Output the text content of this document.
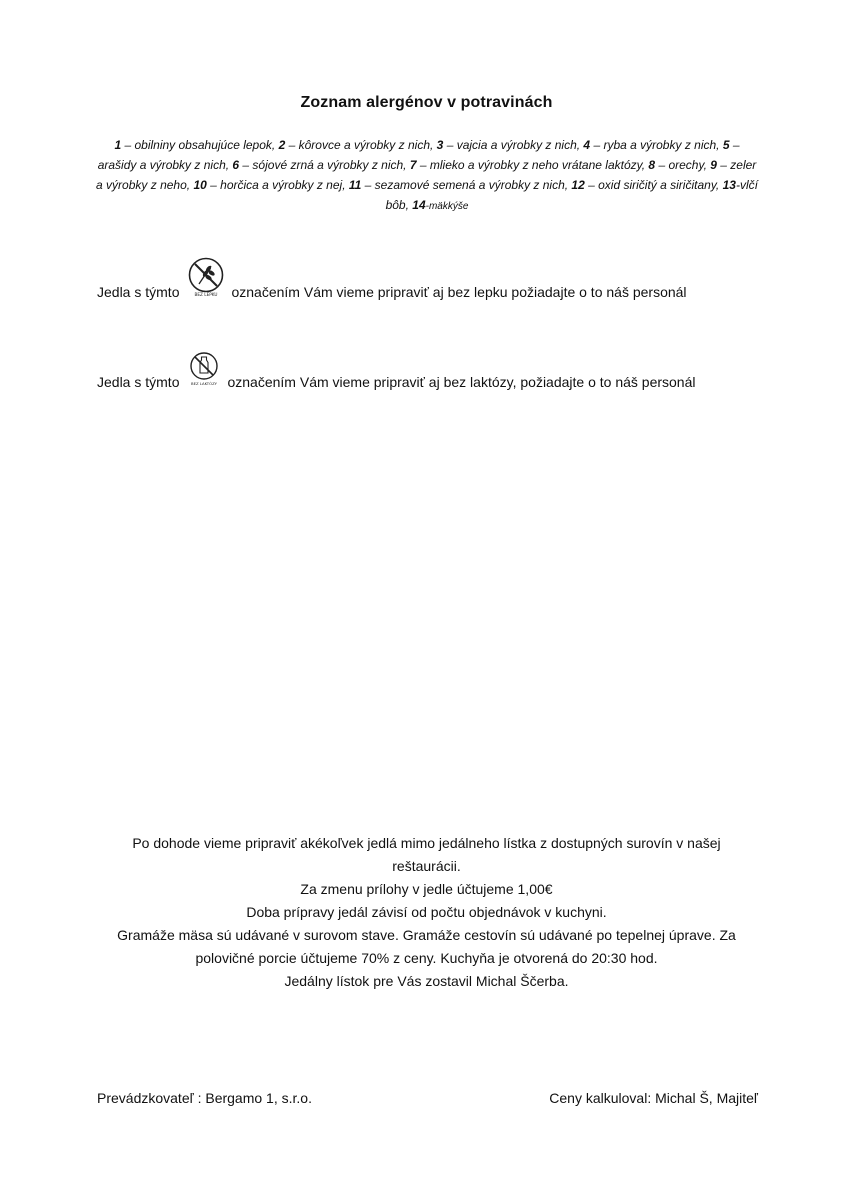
Zoznam alergénov v potravinách
1 – obilniny obsahujúce lepok, 2 – kôrovce a výrobky z nich, 3 – vajcia a výrobky z nich, 4 – ryba a výrobky z nich, 5 – arašidy a výrobky z nich, 6 – sójové zrná a výrobky z nich, 7 – mlieko a výrobky z neho vrátane laktózy, 8 – orechy, 9 – zeler a výrobky z neho, 10 – horčica a výrobky z nej, 11 – sezamové semená a výrobky z nich, 12 – oxid siričitý a siričitany, 13-vlčí bôb, 14-mäkkýše
Jedla s týmto	BEZ LEPKU označením Vám vieme pripraviť aj bez lepku požiadajte o to náš personál
Jedla s týmto	BEZ LAKTÓZY označením Vám vieme pripraviť aj bez laktózy, požiadajte o to náš personál
Po dohode vieme pripraviť akékoľvek jedlá mimo jedálneho lístka z dostupných surovín v našej
reštaurácii.
Za zmenu prílohy v jedle účtujeme 1,00€
Doba prípravy jedál závisí od počtu objednávok v kuchyni.
Gramáže mäsa sú udávané v surovom stave. Gramáže cestovín sú udávané po tepelnej úprave. Za
polovičné porcie účtujeme 70% z ceny. Kuchyňa je otvorená do 20:30 hod.
Jedálny lístok pre Vás zostavil Michal Ščerba.
Prevádzkovateľ : Bergamo 1, s.r.o.	Ceny kalkuloval: Michal Š, Majiteľ
